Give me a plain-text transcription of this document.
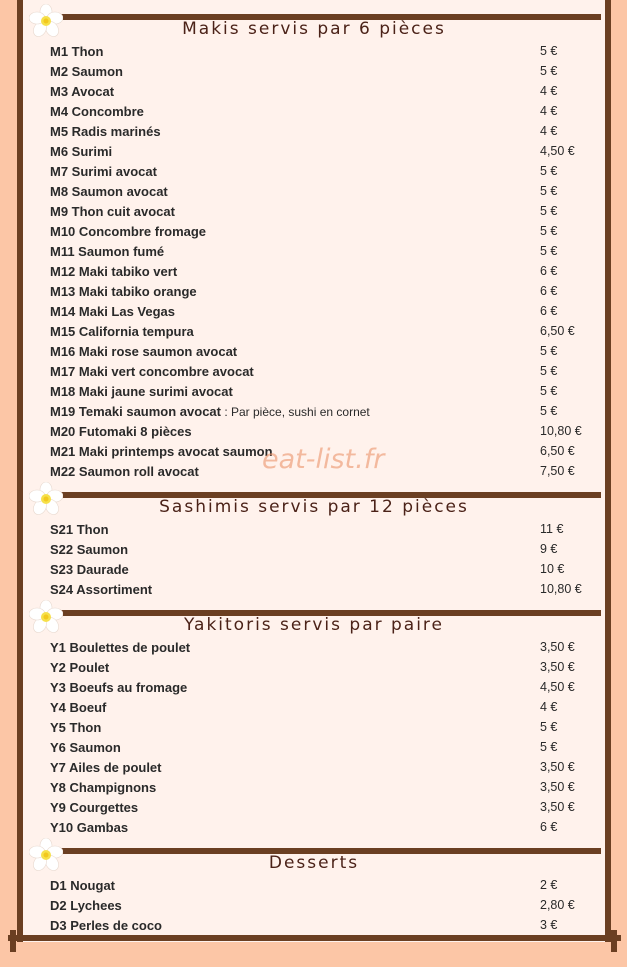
Makis servis par 6 pièces
M1 Thon	5 €
M2 Saumon	5 €
M3 Avocat	4 €
M4 Concombre	4 €
M5 Radis marinés	4 €
M6 Surimi	4,50 €
M7 Surimi avocat	5 €
M8 Saumon avocat	5 €
M9 Thon cuit avocat	5 €
M10 Concombre fromage	5 €
M11 Saumon fumé	5 €
M12 Maki tabiko vert	6 €
M13 Maki tabiko orange	6 €
M14 Maki Las Vegas	6 €
M15 California tempura	6,50 €
M16 Maki rose saumon avocat	5 €
M17 Maki vert concombre avocat	5 €
M18 Maki jaune surimi avocat	5 €
M19 Temaki saumon avocat : Par pièce, sushi en cornet	5 €
M20 Futomaki 8 pièces	10,80 €
M21 Maki printemps avocat saumon	6,50 €
M22 Saumon roll avocat	7,50 €
Sashimis servis par 12 pièces
S21 Thon	11 €
S22 Saumon	9 €
S23 Daurade	10 €
S24 Assortiment	10,80 €
Yakitoris servis par paire
Y1 Boulettes de poulet	3,50 €
Y2 Poulet	3,50 €
Y3 Boeufs au fromage	4,50 €
Y4 Boeuf	4 €
Y5 Thon	5 €
Y6 Saumon	5 €
Y7 Ailes de poulet	3,50 €
Y8 Champignons	3,50 €
Y9 Courgettes	3,50 €
Y10 Gambas	6 €
Desserts
D1 Nougat	2 €
D2 Lychees	2,80 €
D3 Perles de coco	3 €
eat-list.fr
